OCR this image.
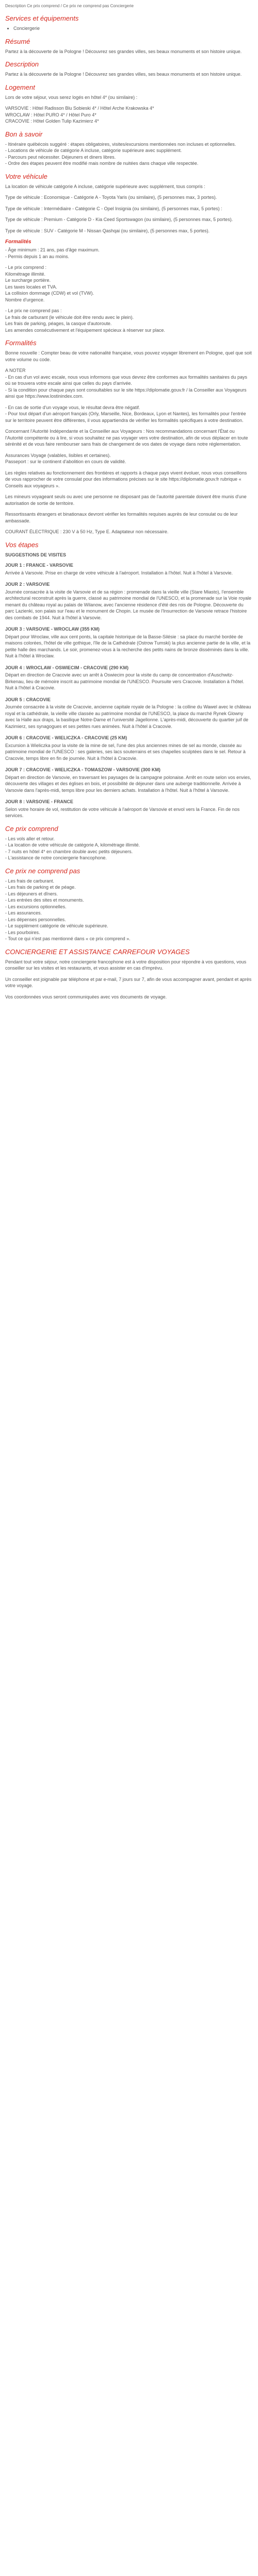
Description Ce prix comprend / Ce prix ne comprend pas Conciergerie
Services et équipements
• Conciergerie
Résumé

Partez à la découverte de la Pologne ! Découvrez ses grandes villes, ses beaux monuments et son histoire unique.

Description

Partez à la découverte de la Pologne ! Découvrez ses grandes villes, ses beaux monuments et son histoire unique.

Logement

Lors de votre séjour, vous serez logés en hôtel 4* (ou similaire) :

VARSOVIE : Hôtel Radisson Blu Sobieski 4* / Hôtel Arche Krakowska 4*
WROCLAW : Hôtel PURO 4* / Hôtel Puro 4*
CRACOVIE : Hôtel Golden Tulip Kazimierz 4*

Bon à savoir

- Itinéraire québécois suggéré : étapes obligatoires, visites/excursions mentionnées non incluses et optionnelles.
- Locations de véhicule de catégorie A incluse, catégorie supérieure avec supplément.
- Parcours peut nécessiter. Déjeuners et diners libres.
- Ordre des étapes peuvent être modifié mais nombre de nuitées dans chaque ville respectée.

Votre véhicule

La location de véhicule catégorie A incluse, catégorie supérieure avec supplément, tous compris :

Type de véhicule : Economique - Catégorie A - Toyota Yaris (ou similaire), (5 personnes max, 3 portes).

Type de véhicule : Intermédiaire - Catégorie C - Opel Insignia (ou similaire), (5 personnes max, 5 portes) :

Type de véhicule : Premium - Catégorie D - Kia Ceed Sportswagon (ou similaire), (5 personnes max, 5 portes).

Type de véhicule : SUV - Catégorie M - Nissan Qashqai (ou similaire), (5 personnes max, 5 portes).

Formalités

- Âge minimum : 21 ans, pas d'âge maximum.
- Permis depuis 1 an au moins.

- Le prix comprend :
Kilométrage illimité.
Le surcharge portière.
Les taxes locales et TVA.
La collision dommage (CDW) et vol (TVW).
Nombre d'urgence.

- Le prix ne comprend pas :
Le frais de carburant (le véhicule doit être rendu avec le plein).
Les frais de parking, péages, la casque d'autoroute.
Les amendes consécutivement et l'équipement spécieux à réserver sur place.

Formalités

Bonne nouvelle : Compter beau de votre nationalité française, vous pouvez voyager librement en Pologne, quel que soit votre volume ou code.

A NOTER
- En cas d'un vol avec escale, nous vous informons que vous devrez être conformes aux formalités sanitaires du pays où se trouvera votre escale ainsi que celles du pays d'arrivée.
- Si la condition pour chaque pays sont consultables sur le site https://diplomatie.gouv.fr / la Conseiller aux Voyageurs ainsi que https://www.lostinindex.com.

- En cas de sortie d'un voyage vous, le résultat devra être négatif.
- Pour tout départ d'un aéroport français (Orly, Marseille, Nice, Bordeaux, Lyon et Nantes), les formalités pour l'entrée sur le territoire peuvent être différentes, il vous appartiendra de vérifier les formalités spécifiques à votre destination.

Concernant l'Autorité Indépendante et la Conseiller aux Voyageurs : Nos recommandations concernant l'État ou l'Autorité compétente ou à lire, si vous souhaitez ne pas voyager vers votre destination, afin de vous déplacer en toute sérénité et de vous faire rembourser sans frais de changement de vos dates de voyage dans notre réglementation.

Assurances Voyage (valables, lisibles et certaines).
Passeport : sur le continent d'abolition en cours de validité.

Les règles relatives au fonctionnement des frontières et rapports à chaque pays vivent évoluer, nous vous conseillons de vous rapprocher de votre consulat pour des informations précises sur le site https://diplomatie.gouv.fr rubrique « Conseils aux voyageurs ».

Les mineurs voyageant seuls ou avec une personne ne disposant pas de l'autorité parentale doivent être munis d'une autorisation de sortie de territoire.

Ressortissants étrangers et binationaux devront vérifier les formalités requises auprès de leur consulat ou de leur ambassade.

COURANT ÉLECTRIQUE : 230 V à 50 Hz, Type E. Adaptateur non nécessaire.

Vos étapes
SUGGESTIONS DE VISITES
JOUR 1 : FRANCE - VARSOVIE
Arrivée à Varsovie. Prise en charge de votre véhicule à l'aéroport. Installation à l'hôtel. Nuit à l'hôtel à Varsovie.
JOUR 2 : VARSOVIE
Journée consacrée à la visite de Varsovie et de sa région : promenade dans la vieille ville (Stare Miasto), l'ensemble architectural reconstruit après la guerre, classé au patrimoine mondial de l'UNESCO, et la promenade sur la Voie royale menant du château royal au palais de Wilanow, avec l'ancienne résidence d'été des rois de Pologne. Découverte du parc Lazienki, son palais sur l'eau et le monument de Chopin. Le musée de l'Insurrection de Varsovie retrace l'histoire des combats de 1944. Nuit à l'hôtel à Varsovie.
JOUR 3 : VARSOVIE - WROCLAW (355 KM)
Départ pour Wroclaw, ville aux cent ponts, la capitale historique de la Basse-Silésie : sa place du marché bordée de maisons colorées, l'hôtel de ville gothique, l'île de la Cathédrale (Ostrow Tumski) la plus ancienne partie de la ville, et la petite halle des marchands. Le soir, promenez-vous à la recherche des petits nains de bronze disséminés dans la ville. Nuit à l'hôtel à Wroclaw.
JOUR 4 : WROCLAW - OSWIECIM - CRACOVIE (290 KM)
Départ en direction de Cracovie avec un arrêt à Oswiecim pour la visite du camp de concentration d'Auschwitz-Birkenau, lieu de mémoire inscrit au patrimoine mondial de l'UNESCO. Poursuite vers Cracovie. Installation à l'hôtel. Nuit à l'hôtel à Cracovie.
JOUR 5 : CRACOVIE
Journée consacrée à la visite de Cracovie, ancienne capitale royale de la Pologne : la colline du Wawel avec le château royal et la cathédrale, la vieille ville classée au patrimoine mondial de l'UNESCO, la place du marché Rynek Glowny avec la Halle aux draps, la basilique Notre-Dame et l'université Jagellonne. L'après-midi, découverte du quartier juif de Kazimierz, ses synagogues et ses petites rues animées. Nuit à l'hôtel à Cracovie.
JOUR 6 : CRACOVIE - WIELICZKA - CRACOVIE (25 KM)
Excursion à Wieliczka pour la visite de la mine de sel, l'une des plus anciennes mines de sel au monde, classée au patrimoine mondial de l'UNESCO : ses galeries, ses lacs souterrains et ses chapelles sculptées dans le sel. Retour à Cracovie, temps libre en fin de journée. Nuit à l'hôtel à Cracovie.
JOUR 7 : CRACOVIE - WIELICZKA - TOMASZOW - VARSOVIE (300 KM)
Départ en direction de Varsovie, en traversant les paysages de la campagne polonaise. Arrêt en route selon vos envies, découverte des villages et des églises en bois, et possibilité de déjeuner dans une auberge traditionnelle. Arrivée à Varsovie dans l'après-midi, temps libre pour les derniers achats. Installation à l'hôtel. Nuit à l'hôtel à Varsovie.
JOUR 8 : VARSOVIE - FRANCE
Selon votre horaire de vol, restitution de votre véhicule à l'aéroport de Varsovie et envol vers la France. Fin de nos services.
Ce prix comprend
- Les vols aller et retour.
- La location de votre véhicule de catégorie A, kilométrage illimité.
- 7 nuits en hôtel 4* en chambre double avec petits déjeuners.
- L'assistance de notre conciergerie francophone.
Ce prix ne comprend pas
- Les frais de carburant.
- Les frais de parking et de péage.
- Les déjeuners et dîners.
- Les entrées des sites et monuments.
- Les excursions optionnelles.
- Les assurances.
- Les dépenses personnelles.
- Le supplément catégorie de véhicule supérieure.
- Les pourboires.
- Tout ce qui n'est pas mentionné dans « ce prix comprend ».
CONCIERGERIE ET ASSISTANCE CARREFOUR VOYAGES

Pendant tout votre séjour, notre conciergerie francophone est à votre disposition pour répondre à vos questions, vous conseiller sur les visites et les restaurants, et vous assister en cas d'imprévu.

Un conseiller est joignable par téléphone et par e-mail, 7 jours sur 7, afin de vous accompagner avant, pendant et après votre voyage.

Vos coordonnées vous seront communiquées avec vos documents de voyage.
